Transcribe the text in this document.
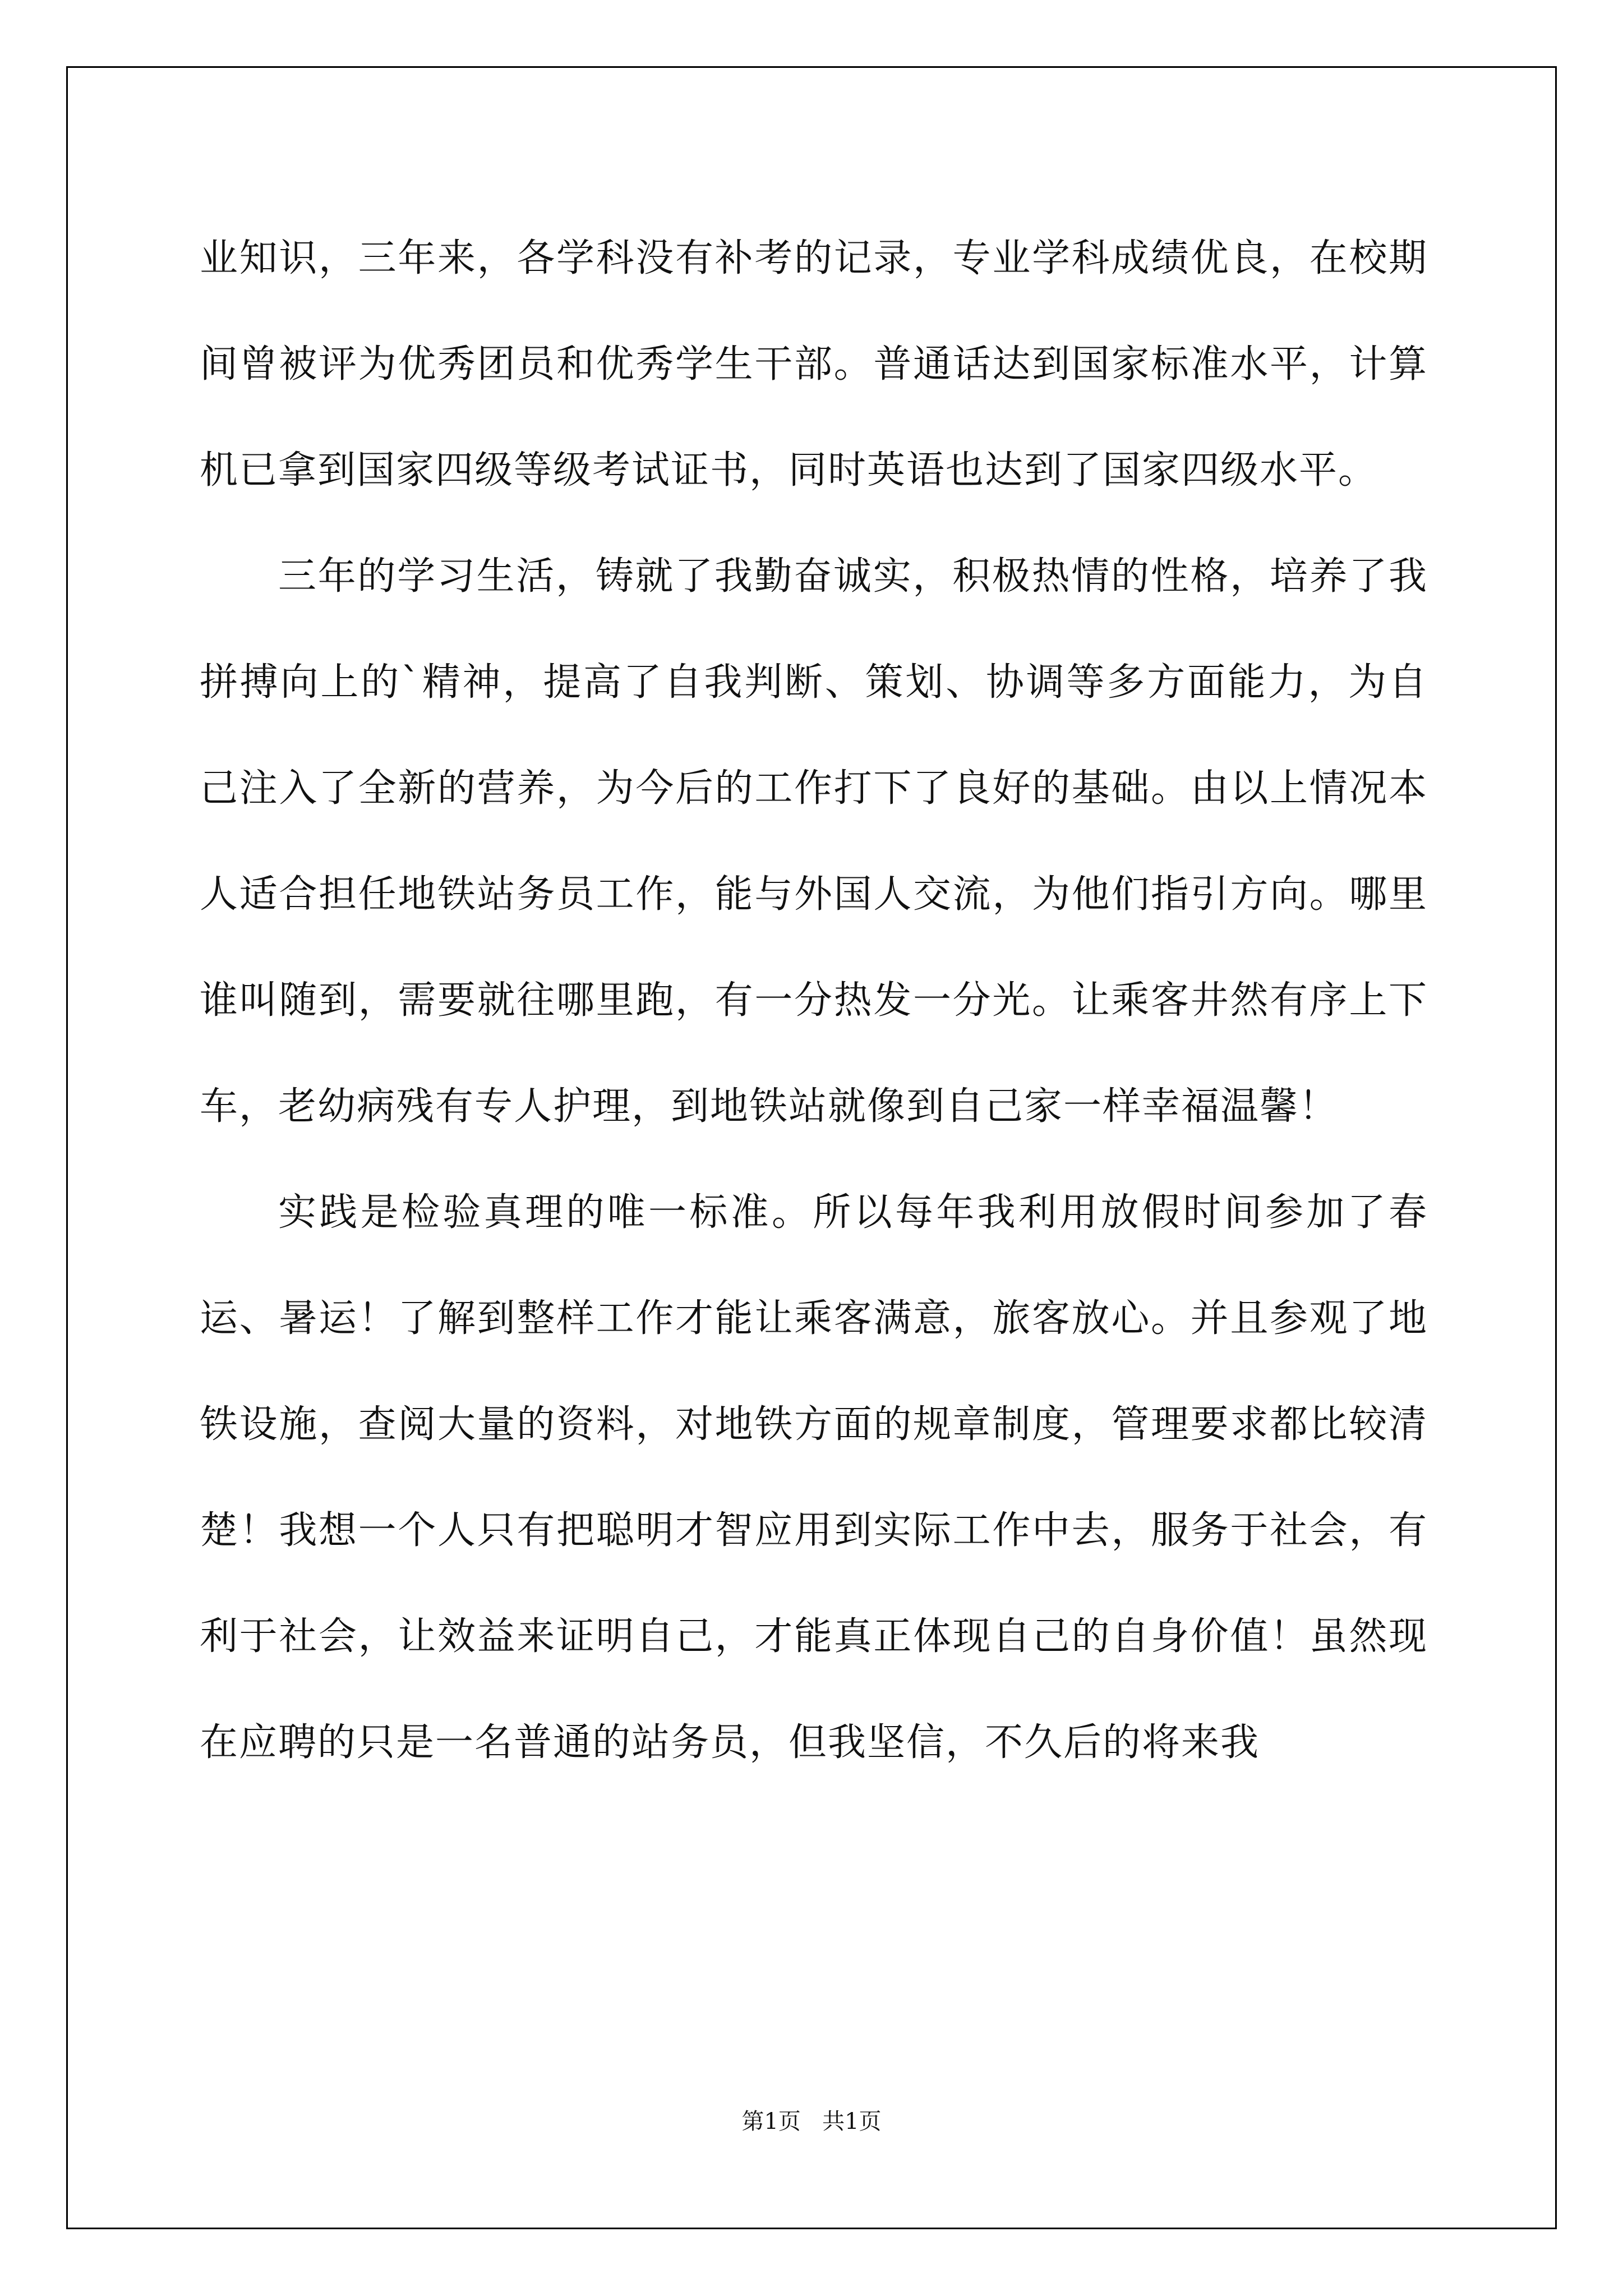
业知识，三年来，各学科没有补考的记录，专业学科成绩优良，在校期间曾被评为优秀团员和优秀学生干部。普通话达到国家标准水平，计算机已拿到国家四级等级考试证书，同时英语也达到了国家四级水平。

三年的学习生活，铸就了我勤奋诚实，积极热情的性格，培养了我拼搏向上的`精神，提高了自我判断、策划、协调等多方面能力，为自己注入了全新的营养，为今后的工作打下了良好的基础。由以上情况本人适合担任地铁站务员工作，能与外国人交流，为他们指引方向。哪里谁叫随到，需要就往哪里跑，有一分热发一分光。让乘客井然有序上下车，老幼病残有专人护理，到地铁站就像到自己家一样幸福温馨！

实践是检验真理的唯一标准。所以每年我利用放假时间参加了春运、暑运！了解到整样工作才能让乘客满意，旅客放心。并且参观了地铁设施，查阅大量的资料，对地铁方面的规章制度，管理要求都比较清楚！我想一个人只有把聪明才智应用到实际工作中去，服务于社会，有利于社会，让效益来证明自己，才能真正体现自己的自身价值！虽然现在应聘的只是一名普通的站务员，但我坚信，不久后的将来我

第1页 共1页
